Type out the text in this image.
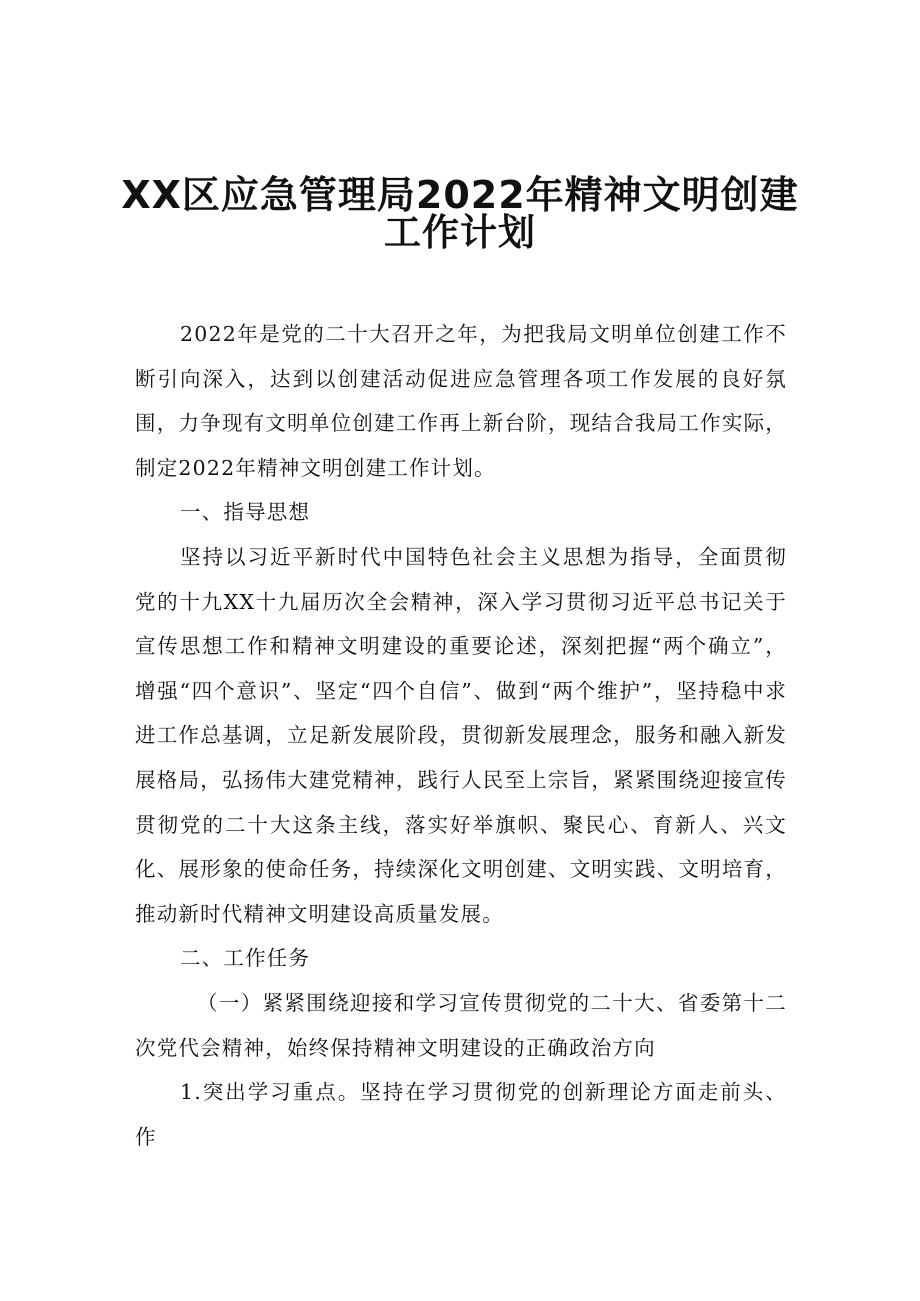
XX区应急管理局2022年精神文明创建
工作计划

2022年是党的二十大召开之年，为把我局文明单位创建工作不断引向深入，达到以创建活动促进应急管理各项工作发展的良好氛围，力争现有文明单位创建工作再上新台阶，现结合我局工作实际，制定2022年精神文明创建工作计划。

一、指导思想

坚持以习近平新时代中国特色社会主义思想为指导，全面贯彻党的十九XX十九届历次全会精神，深入学习贯彻习近平总书记关于宣传思想工作和精神文明建设的重要论述，深刻把握“两个确立”，增强“四个意识”、坚定“四个自信”、做到“两个维护”，坚持稳中求进工作总基调，立足新发展阶段，贯彻新发展理念，服务和融入新发展格局，弘扬伟大建党精神，践行人民至上宗旨，紧紧围绕迎接宣传贯彻党的二十大这条主线，落实好举旗帜、聚民心、育新人、兴文化、展形象的使命任务，持续深化文明创建、文明实践、文明培育，推动新时代精神文明建设高质量发展。

二、工作任务

（一）紧紧围绕迎接和学习宣传贯彻党的二十大、省委第十二次党代会精神，始终保持精神文明建设的正确政治方向

1.突出学习重点。坚持在学习贯彻党的创新理论方面走前头、作
